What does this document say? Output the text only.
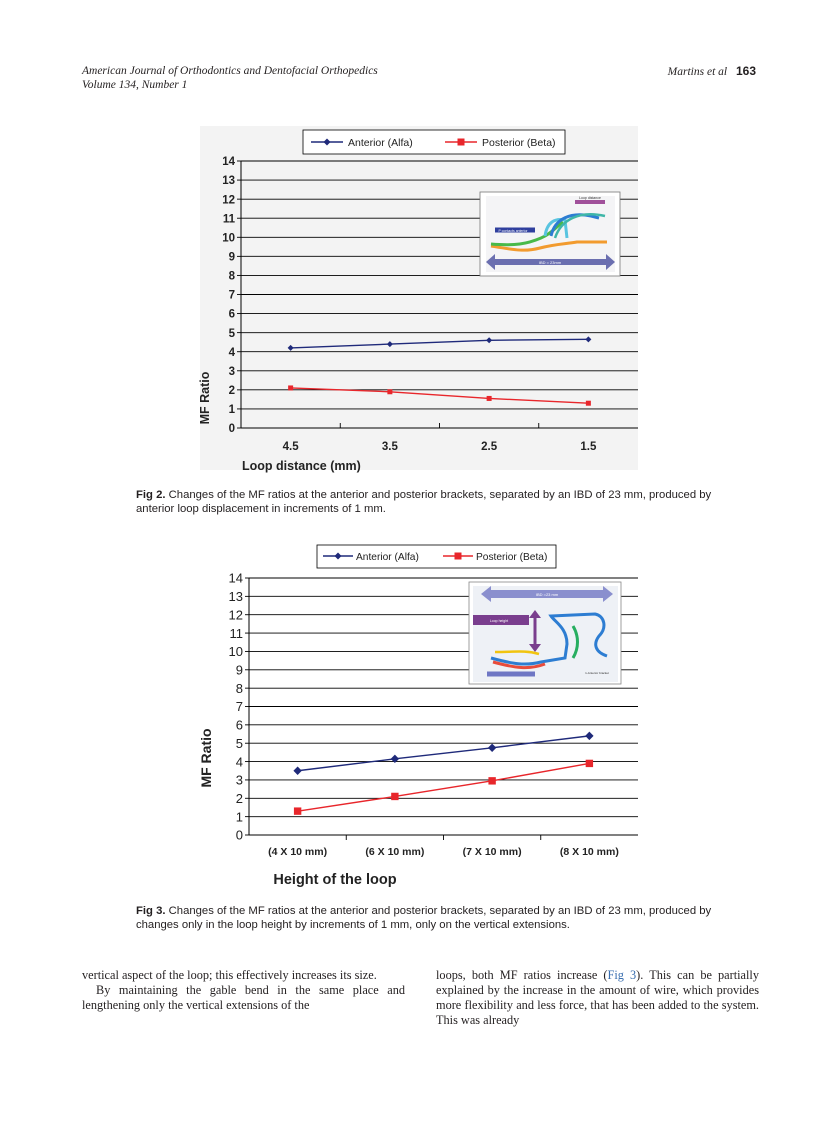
American Journal of Orthodontics and Dentofacial Orthopedics
Volume 134, Number 1
Martins et al 163
Anterior (Alfa)	Posterior (Beta)
MF Ratio
Loop distance (mm)
0
1
2
3
4
5
6
7
8
9
10
11
12
13
14
4.5	3.5	2.5	1.5
IBD = 23mm
P contacts anterior
Loop distance
Fig 2. Changes of the MF ratios at the anterior and posterior brackets, separated by an IBD of 23 mm, produced by anterior loop displacement in increments of 1 mm.
Anterior (Alfa)	Posterior (Beta)
MF Ratio
Height of the loop
0
1
2
3
4
5
6
7
8
9
10
11
12
13
14
(4 X 10 mm)	(6 X 10 mm)	(7 X 10 mm)	(8 X 10 mm)
IBD =23 mm
Loop height
1-Anterior bracket
Fig 3. Changes of the MF ratios at the anterior and posterior brackets, separated by an IBD of 23 mm, produced by changes only in the loop height by increments of 1 mm, only on the vertical extensions.

vertical aspect of the loop; this effectively increases its size.

By maintaining the gable bend in the same place and lengthening only the vertical extensions of the

loops, both MF ratios increase (Fig 3). This can be partially explained by the increase in the amount of wire, which provides more flexibility and less force, that has been added to the system. This was already
